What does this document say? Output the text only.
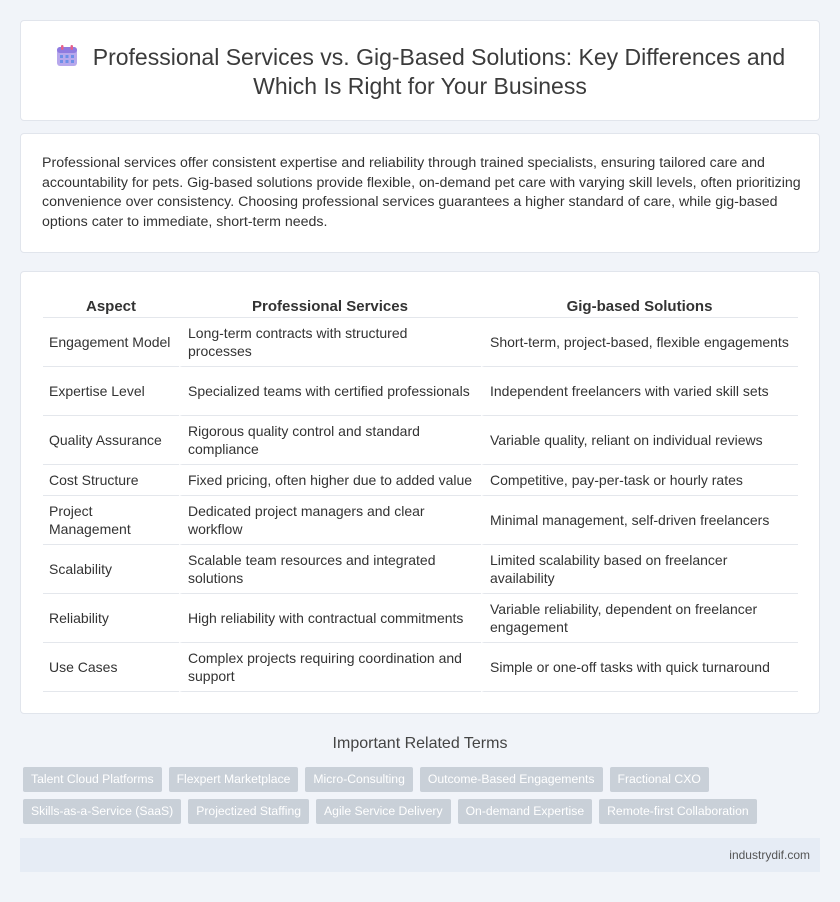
Professional Services vs. Gig-Based Solutions: Key Differences and Which Is Right for Your Business

Professional services offer consistent expertise and reliability through trained specialists, ensuring tailored care and accountability for pets. Gig-based solutions provide flexible, on-demand pet care with varying skill levels, often prioritizing convenience over consistency. Choosing professional services guarantees a higher standard of care, while gig-based options cater to immediate, short-term needs.

Aspect	Professional Services	Gig-based Solutions
Engagement Model	Long-term contracts with structured processes	Short-term, project-based, flexible engagements
Expertise Level	Specialized teams with certified professionals	Independent freelancers with varied skill sets
Quality Assurance	Rigorous quality control and standard compliance	Variable quality, reliant on individual reviews
Cost Structure	Fixed pricing, often higher due to added value	Competitive, pay-per-task or hourly rates
Project Management	Dedicated project managers and clear workflow	Minimal management, self-driven freelancers
Scalability	Scalable team resources and integrated solutions	Limited scalability based on freelancer availability
Reliability	High reliability with contractual commitments	Variable reliability, dependent on freelancer engagement
Use Cases	Complex projects requiring coordination and support	Simple or one-off tasks with quick turnaround
Important Related Terms
Talent Cloud Platforms	Flexpert Marketplace	Micro-Consulting	Outcome-Based Engagements	Fractional CXO
Skills-as-a-Service (SaaS)	Projectized Staffing	Agile Service Delivery	On-demand Expertise	Remote-first Collaboration
industrydif.com
